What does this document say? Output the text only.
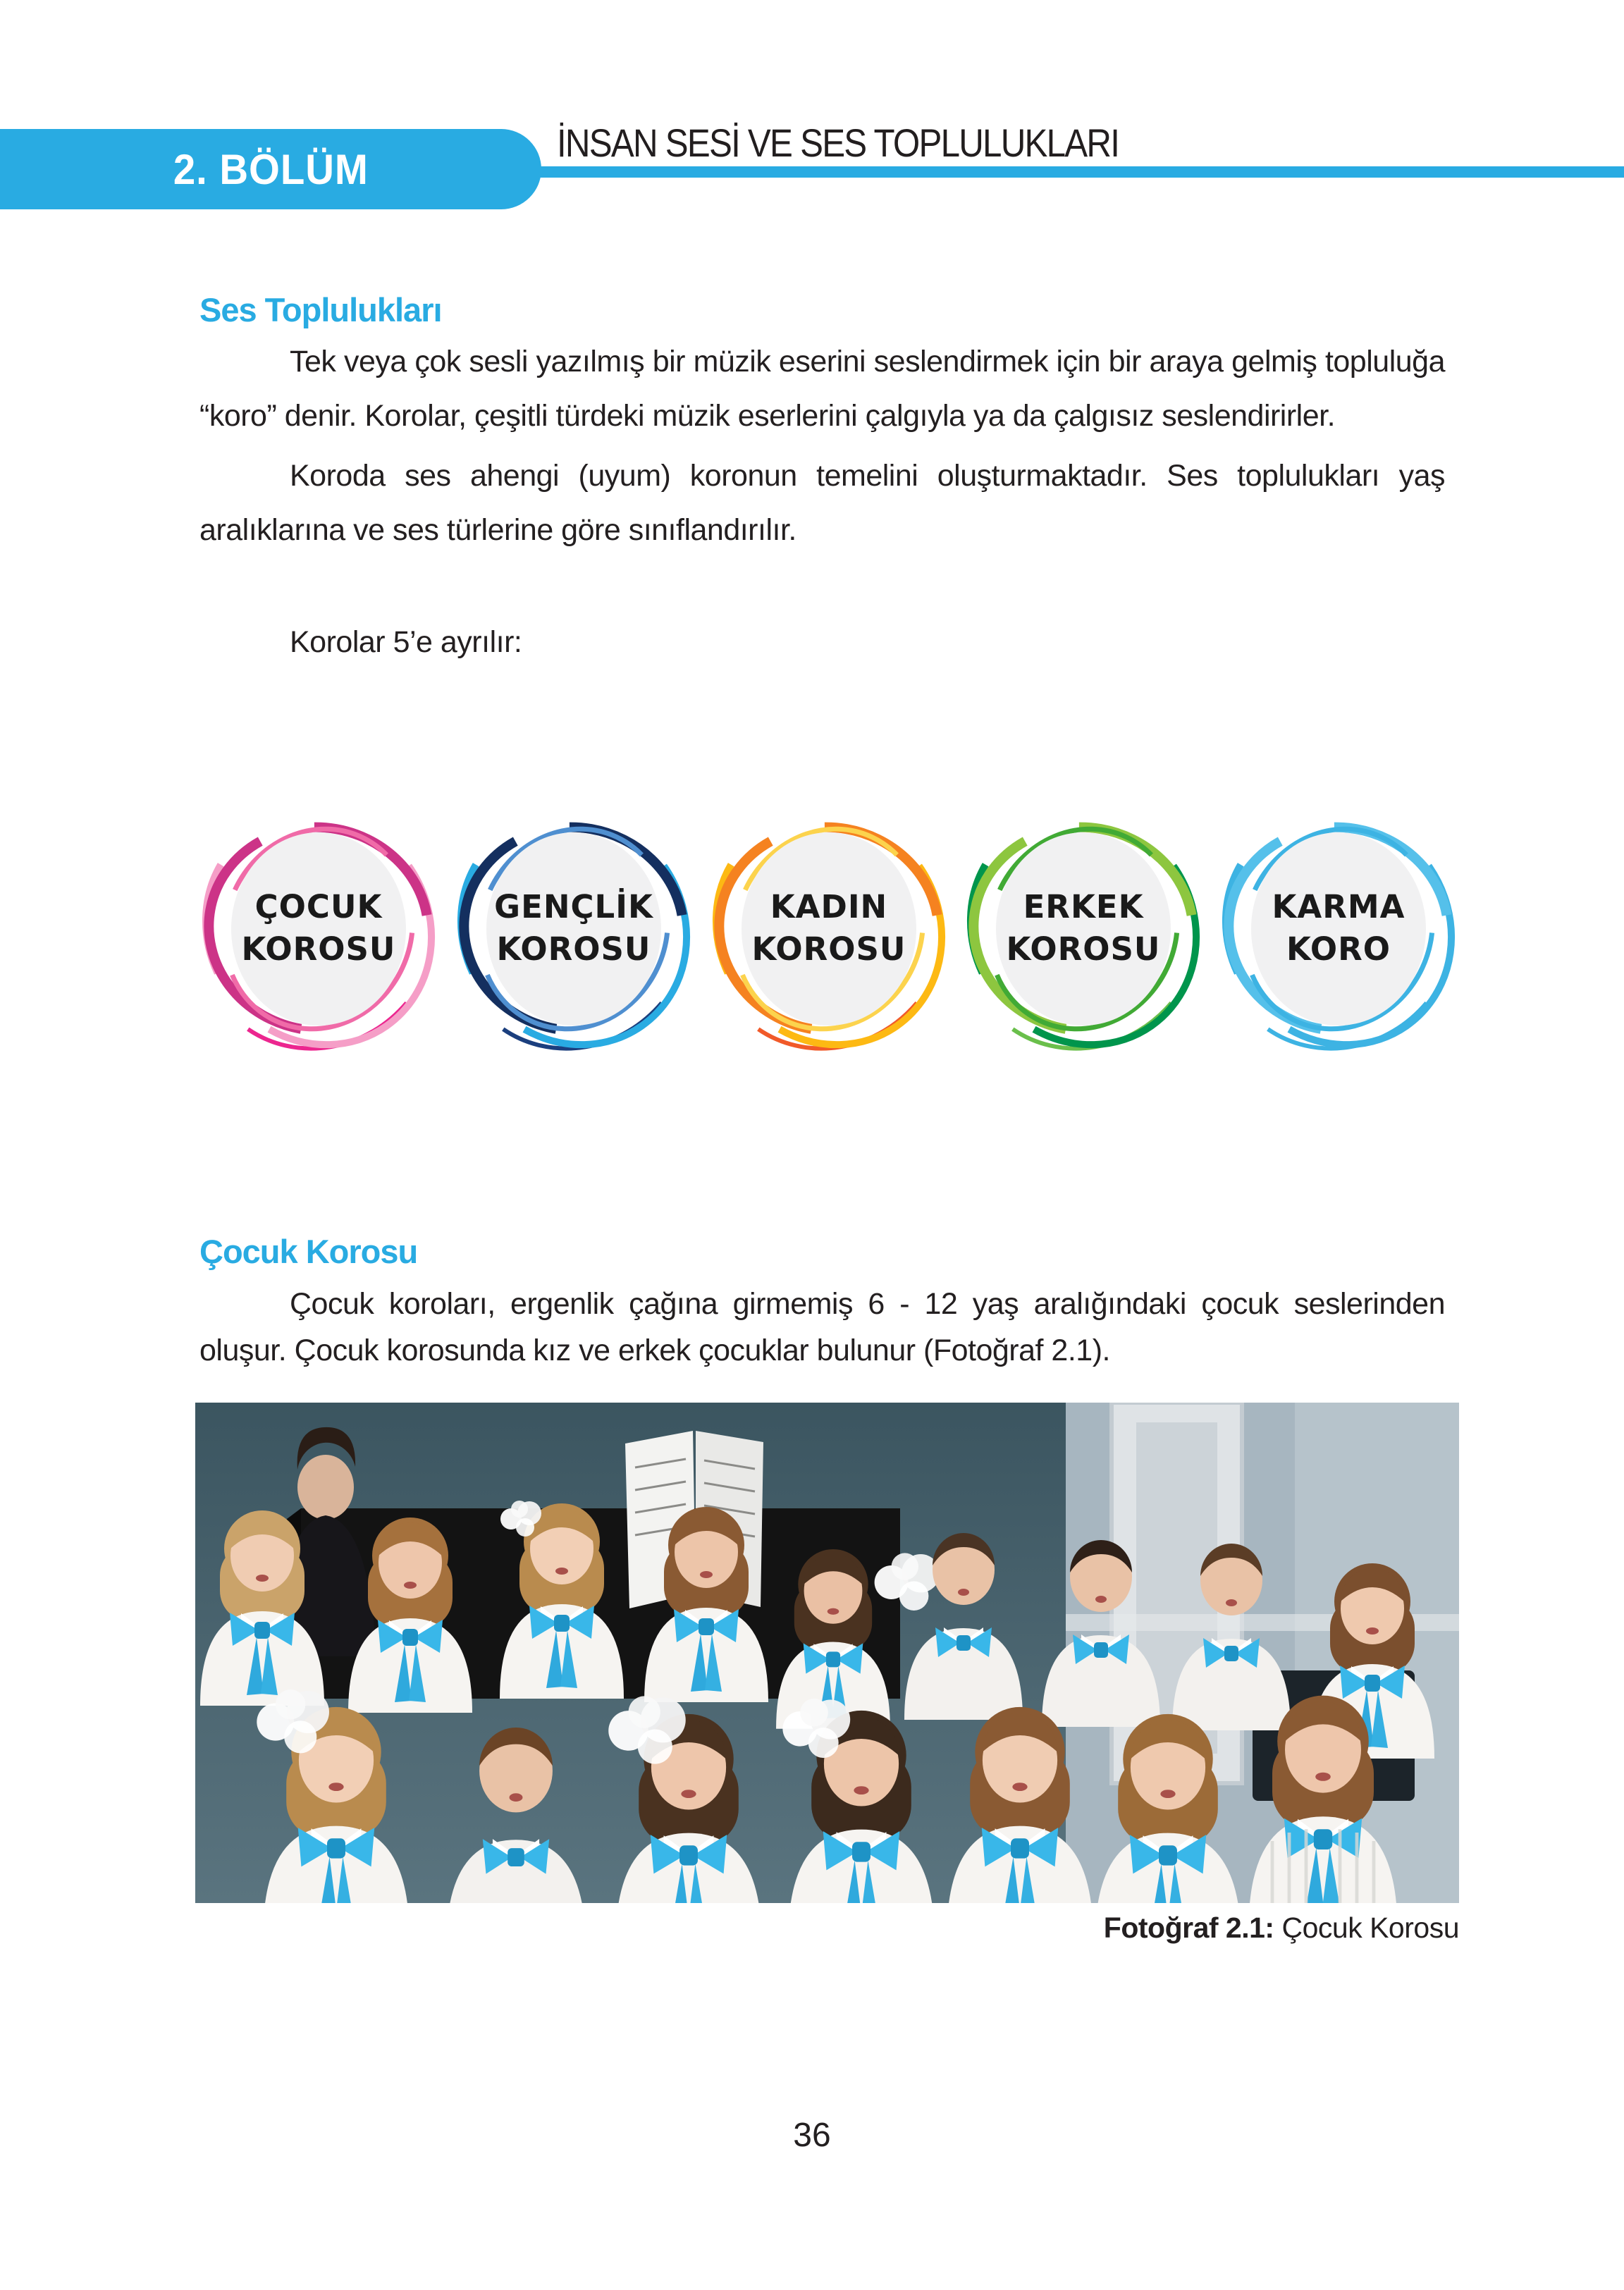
2. BÖLÜM
İNSAN SESİ VE SES TOPLULUKLARI
Ses Toplulukları

Tek veya çok sesli yazılmış bir müzik eserini seslendirmek için bir araya gelmiş topluluğa “koro” denir. Korolar, çeşitli türdeki müzik eserlerini çalgıyla ya da çalgısız seslendirirler.

Koroda ses ahengi (uyum) koronun temelini oluşturmaktadır. Ses toplulukları yaş aralıklarına ve ses türlerine göre sınıflandırılır.

Korolar 5’e ayrılır:

ÇOCUK
KOROSU
GENÇLİK
KOROSU
KADIN
KOROSU
ERKEK
KOROSU
KARMA
KORO
Çocuk Korosu

Çocuk koroları, ergenlik çağına girmemiş 6 - 12 yaş aralığındaki çocuk seslerinden oluşur. Çocuk korosunda kız ve erkek çocuklar bulunur (Fotoğraf 2.1).

Fotoğraf 2.1: Çocuk Korosu
36
